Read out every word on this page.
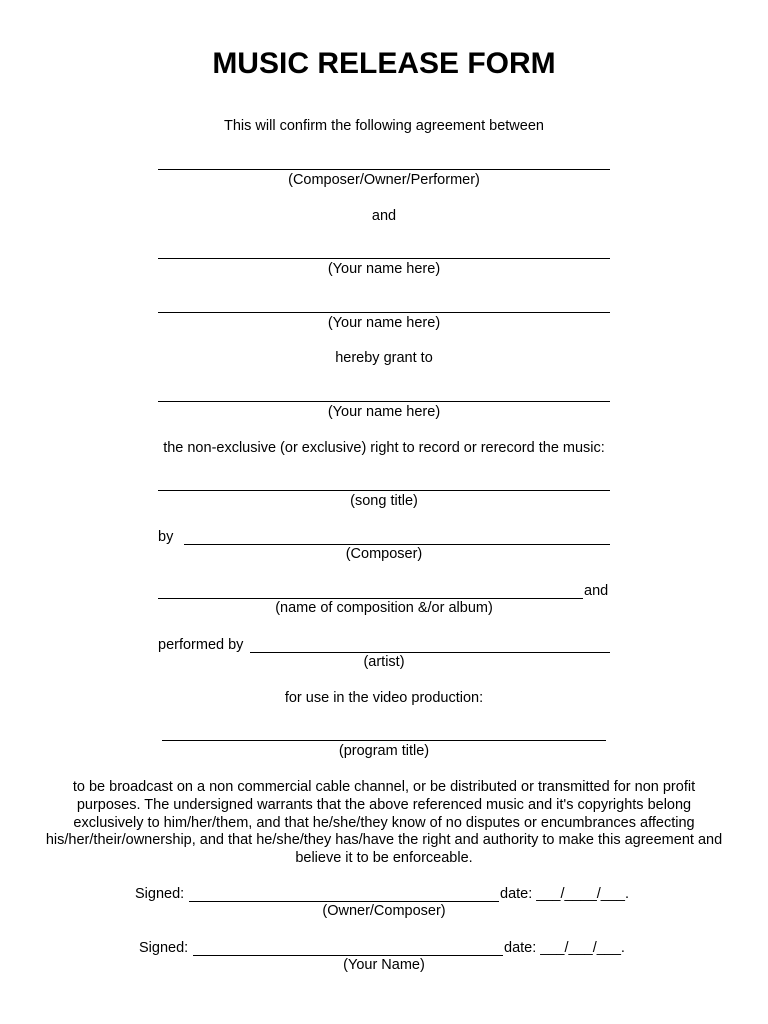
MUSIC RELEASE FORM
This will confirm the following agreement between
(Composer/Owner/Performer)
and
(Your name here)
(Your name here)
hereby grant to
(Your name here)
the non-exclusive (or exclusive) right to record or rerecord the music:
(song title)
by
(Composer)
and
(name of composition &/or album)
performed by
(artist)
for use in the video production:
(program title)
to be broadcast on a non commercial cable channel, or be distributed or transmitted for non profit purposes. The undersigned warrants that the above referenced music and it's copyrights belong exclusively to him/her/them, and that he/she/they know of no disputes or encumbrances affecting his/her/their/ownership, and that he/she/they has/have the right and authority to make this agreement and believe it to be enforceable.
Signed:	date: ___/____/___.
(Owner/Composer)
Signed:	date: ___/___/___.
(Your Name)
